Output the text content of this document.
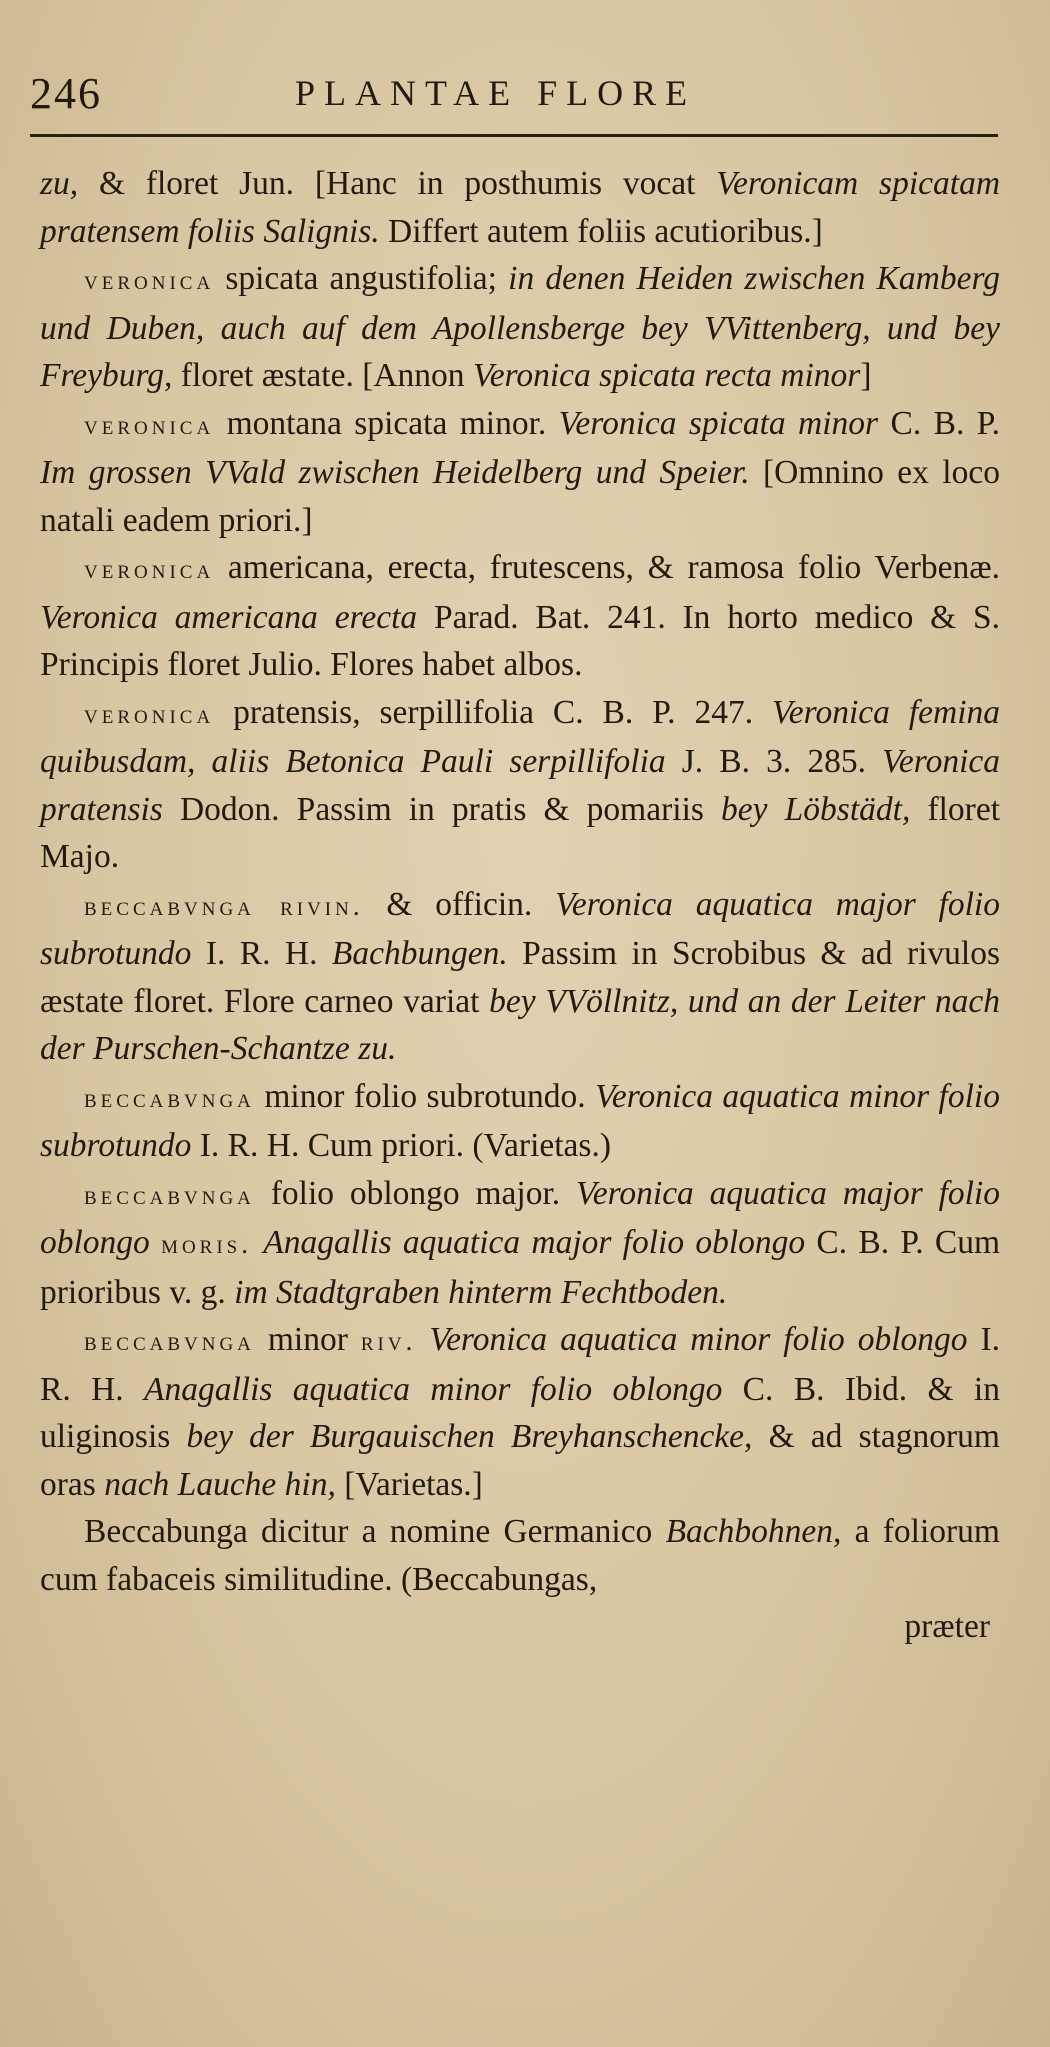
246	PLANTAE FLORE

zu, & floret Jun. [Hanc in posthumis vocat Veronicam spicatam pratensem foliis Salignis. Differt autem foliis acutioribus.]

veronica spicata angustifolia; in denen Heiden zwischen Kamberg und Duben, auch auf dem Apollensberge bey VVittenberg, und bey Freyburg, floret æstate. [Annon Veronica spicata recta minor]

veronica montana spicata minor. Veronica spicata minor C. B. P. Im grossen VVald zwischen Heidelberg und Speier. [Omnino ex loco natali eadem priori.]

veronica americana, erecta, frutescens, & ramosa folio Verbenæ. Veronica americana erecta Parad. Bat. 241. In horto medico & S. Principis floret Julio. Flores habet albos.

veronica pratensis, serpillifolia C. B. P. 247. Veronica femina quibusdam, aliis Betonica Pauli serpillifolia J. B. 3. 285. Veronica pratensis Dodon. Passim in pratis & pomariis bey Löbstädt, floret Majo.

beccabvnga rivin. & officin. Veronica aquatica major folio subrotundo I. R. H. Bachbungen. Passim in Scrobibus & ad rivulos æstate floret. Flore carneo variat bey VVöllnitz, und an der Leiter nach der Purschen-Schantze zu.

beccabvnga minor folio subrotundo. Veronica aquatica minor folio subrotundo I. R. H. Cum priori. (Varietas.)

beccabvnga folio oblongo major. Veronica aquatica major folio oblongo moris. Anagallis aquatica major folio oblongo C. B. P. Cum prioribus v. g. im Stadtgraben hinterm Fechtboden.

beccabvnga minor riv. Veronica aquatica minor folio oblongo I. R. H. Anagallis aquatica minor folio oblongo C. B. Ibid. & in uliginosis bey der Burgauischen Breyhanschencke, & ad stagnorum oras nach Lauche hin, [Varietas.]

Beccabunga dicitur a nomine Germanico Bachbohnen, a foliorum cum fabaceis similitudine. (Beccabungas,

præter
